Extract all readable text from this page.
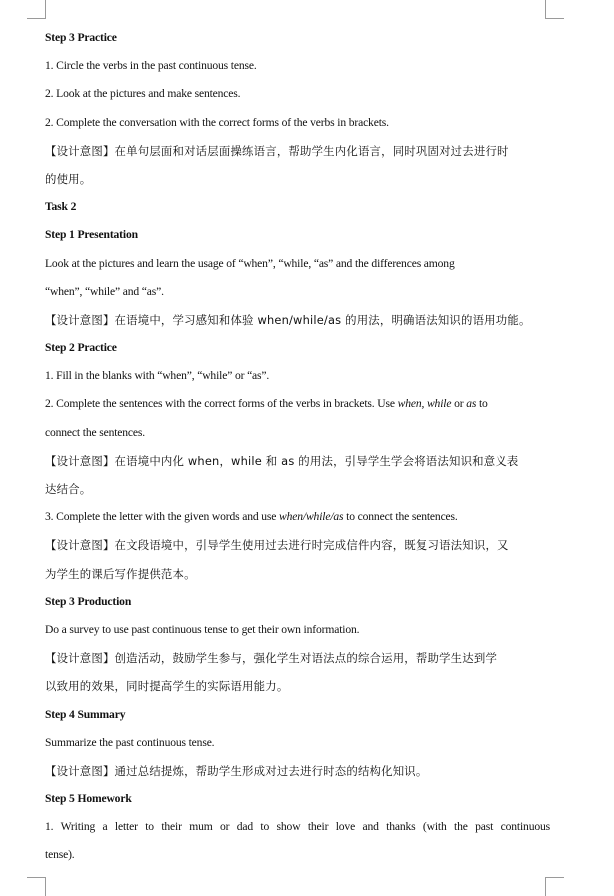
Step 3 Practice
1. Circle the verbs in the past continuous tense.
2. Look at the pictures and make sentences.
2. Complete the conversation with the correct forms of the verbs in brackets.
【设计意图】在单句层面和对话层面操练语言，帮助学生内化语言，同时巩固对过去进行时
的使用。
Task 2
Step 1 Presentation
Look at the pictures and learn the usage of “when”, “while, “as” and the differences among
“when”, “while” and “as”.
【设计意图】在语境中，学习感知和体验 when/while/as 的用法，明确语法知识的语用功能。
Step 2 Practice
1. Fill in the blanks with “when”, “while” or “as”.
2. Complete the sentences with the correct forms of the verbs in brackets. Use when, while or as to
connect the sentences.
【设计意图】在语境中内化 when，while 和 as 的用法，引导学生学会将语法知识和意义表
达结合。
3. Complete the letter with the given words and use when/while/as to connect the sentences.
【设计意图】在文段语境中，引导学生使用过去进行时完成信件内容，既复习语法知识，又
为学生的课后写作提供范本。
Step 3 Production
Do a survey to use past continuous tense to get their own information.
【设计意图】创造活动，鼓励学生参与，强化学生对语法点的综合运用，帮助学生达到学
以致用的效果，同时提高学生的实际语用能力。
Step 4 Summary
Summarize the past continuous tense.
【设计意图】通过总结提炼，帮助学生形成对过去进行时态的结构化知识。
Step 5 Homework
1. Writing a letter to their mum or dad to show their love and thanks (with the past continuous
tense).
